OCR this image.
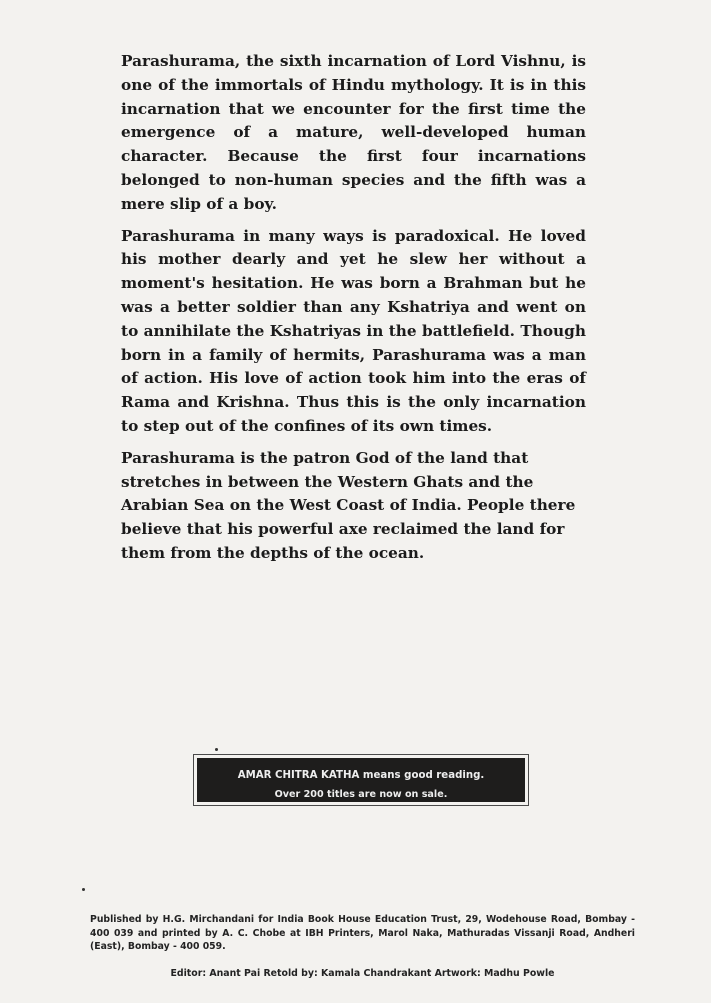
Parashurama, the sixth incarnation of Lord Vishnu, is one of the immortals of Hindu mythology. It is in this incarnation that we encounter for the first time the emergence of a mature, well-developed human character. Because the first four incarnations belonged to non-human species and the fifth was a mere slip of a boy.

Parashurama in many ways is paradoxical. He loved his mother dearly and yet he slew her without a moment's hesitation. He was born a Brahman but he was a better soldier than any Kshatriya and went on to annihilate the Kshatriyas in the battlefield. Though born in a family of hermits, Parashurama was a man of action. His love of action took him into the eras of Rama and Krishna. Thus this is the only incarnation to step out of the confines of its own times.

Parashurama is the patron God of the land that stretches in between the Western Ghats and the Arabian Sea on the West Coast of India. People there believe that his powerful axe reclaimed the land for them from the depths of the ocean.

AMAR CHITRA KATHA means good reading.
Over 200 titles are now on sale.
Published by H.G. Mirchandani for India Book House Education Trust, 29, Wodehouse Road, Bombay - 400 039 and printed by A. C. Chobe at IBH Printers, Marol Naka, Mathuradas Vissanji Road, Andheri (East), Bombay - 400 059.
Editor: Anant Pai Retold by: Kamala Chandrakant Artwork: Madhu Powle
